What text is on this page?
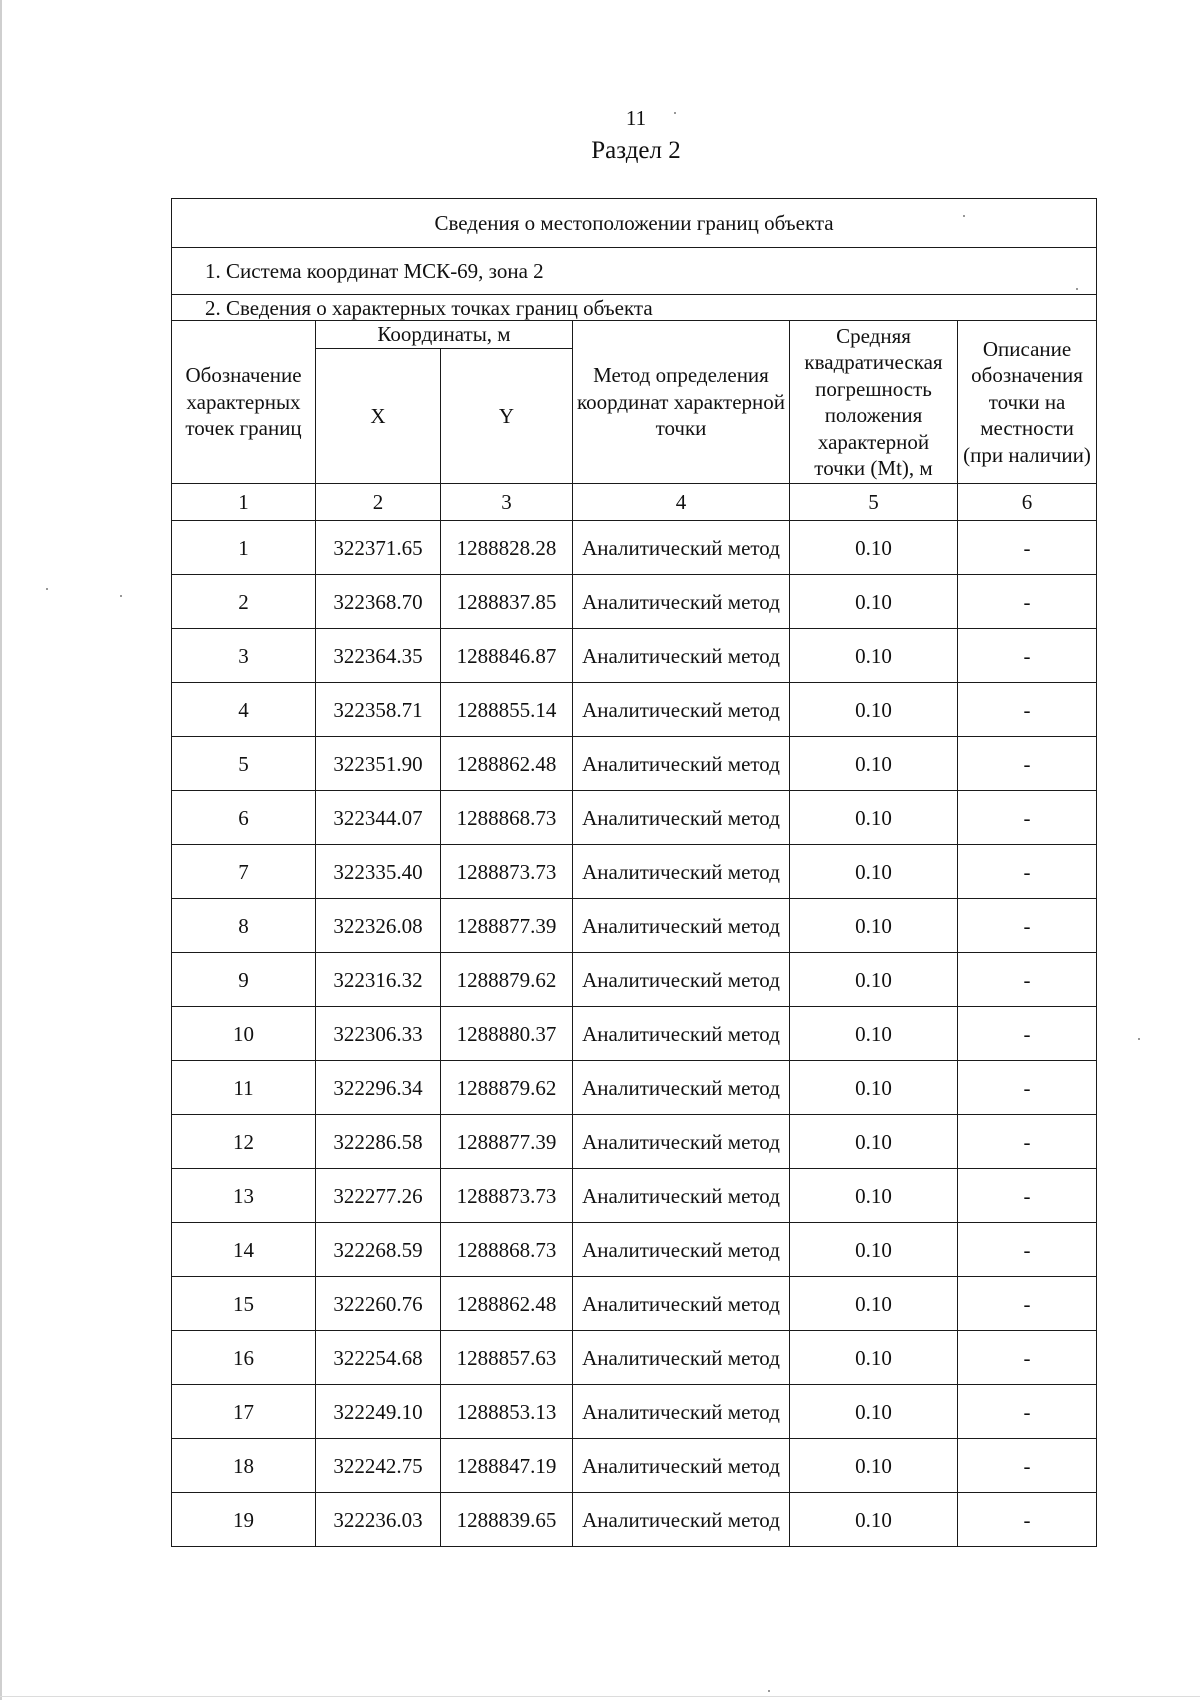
11
Раздел 2
Сведения о местоположении границ объекта					
1. Система координат МСК-69, зона 2					
2. Сведения о характерных точках границ объекта					
Обозначение характерных точек границ	Координаты, м		Метод определения координат характерной точки	Средняя квадратическая погрешность положения характерной точки (Mt), м	Описание обозначения точки на местности (при наличии)
	X	Y			
1	2	3	4	5	6
1	322371.65	1288828.28	Аналитический метод	0.10	-
2	322368.70	1288837.85	Аналитический метод	0.10	-
3	322364.35	1288846.87	Аналитический метод	0.10	-
4	322358.71	1288855.14	Аналитический метод	0.10	-
5	322351.90	1288862.48	Аналитический метод	0.10	-
6	322344.07	1288868.73	Аналитический метод	0.10	-
7	322335.40	1288873.73	Аналитический метод	0.10	-
8	322326.08	1288877.39	Аналитический метод	0.10	-
9	322316.32	1288879.62	Аналитический метод	0.10	-
10	322306.33	1288880.37	Аналитический метод	0.10	-
11	322296.34	1288879.62	Аналитический метод	0.10	-
12	322286.58	1288877.39	Аналитический метод	0.10	-
13	322277.26	1288873.73	Аналитический метод	0.10	-
14	322268.59	1288868.73	Аналитический метод	0.10	-
15	322260.76	1288862.48	Аналитический метод	0.10	-
16	322254.68	1288857.63	Аналитический метод	0.10	-
17	322249.10	1288853.13	Аналитический метод	0.10	-
18	322242.75	1288847.19	Аналитический метод	0.10	-
19	322236.03	1288839.65	Аналитический метод	0.10	-
